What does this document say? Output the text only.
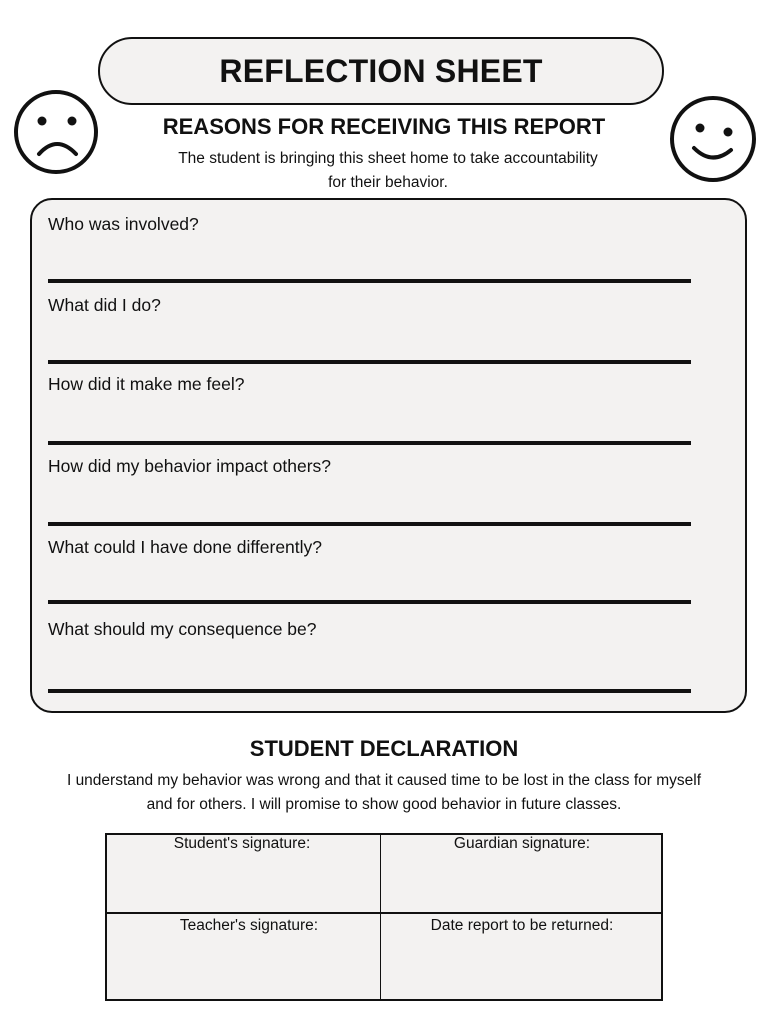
REFLECTION SHEET
REASONS FOR RECEIVING THIS REPORT

The student is bringing this sheet home to take accountability
for their behavior.

Who was involved?

What did I do?

How did it make me feel?

How did my behavior impact others?

What could I have done differently?

What should my consequence be?

STUDENT DECLARATION

I understand my behavior was wrong and that it caused time to be lost in the class for myself
and for others. I will promise to show good behavior in future classes.

Student's signature:	Guardian signature:
Teacher's signature:	Date report to be returned:
